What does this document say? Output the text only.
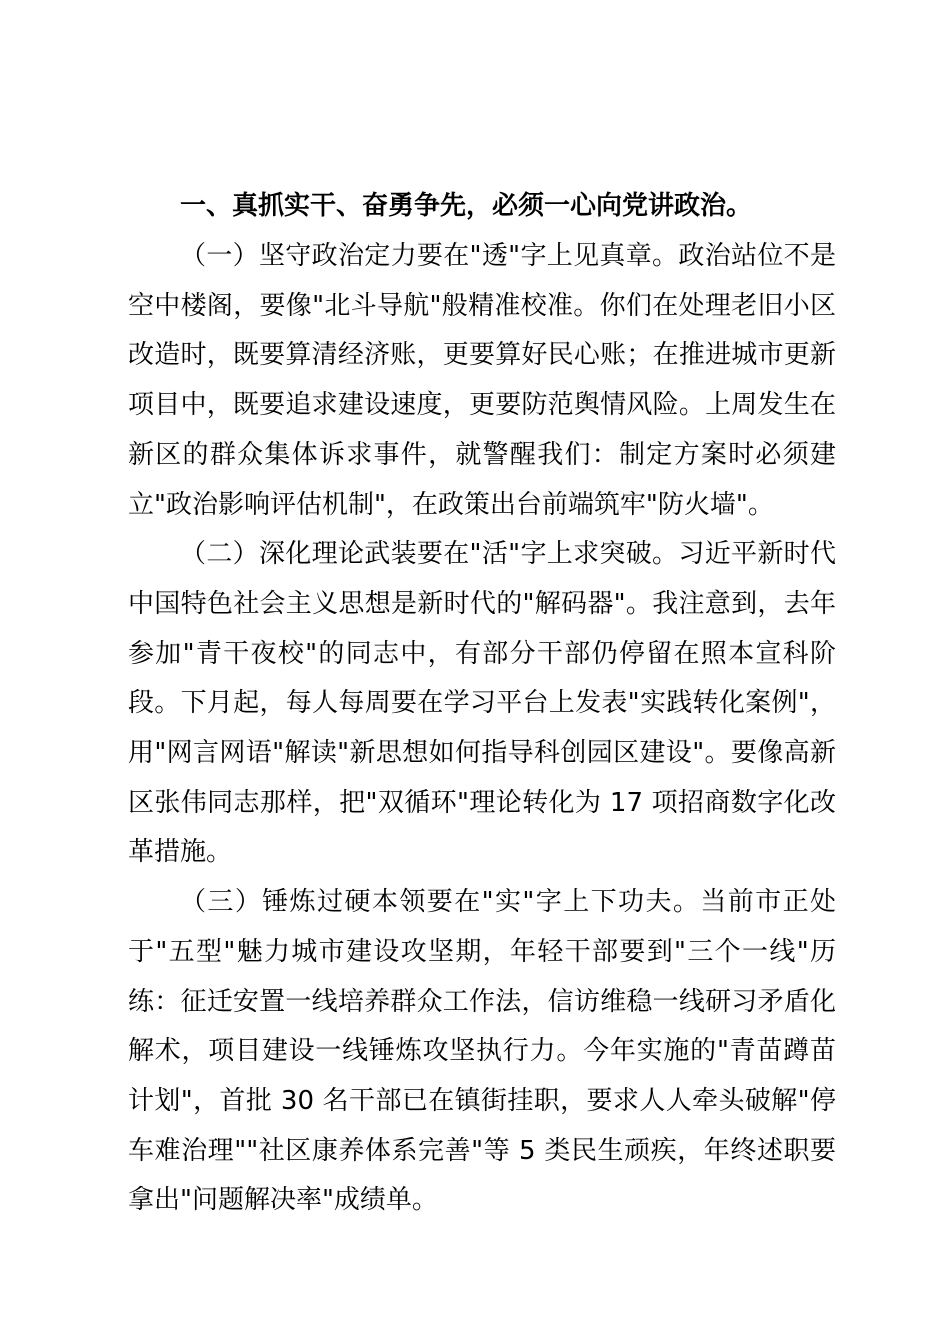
一、真抓实干、奋勇争先，必须一心向党讲政治。

（一）坚守政治定力要在"透"字上见真章。政治站位不是空中楼阁，要像"北斗导航"般精准校准。你们在处理老旧小区改造时，既要算清经济账，更要算好民心账；在推进城市更新项目中，既要追求建设速度，更要防范舆情风险。上周发生在新区的群众集体诉求事件，就警醒我们：制定方案时必须建立"政治影响评估机制"，在政策出台前端筑牢"防火墙"。

（二）深化理论武装要在"活"字上求突破。习近平新时代中国特色社会主义思想是新时代的"解码器"。我注意到，去年参加"青干夜校"的同志中，有部分干部仍停留在照本宣科阶段。下月起，每人每周要在学习平台上发表"实践转化案例"，用"网言网语"解读"新思想如何指导科创园区建设"。要像高新区张伟同志那样，把"双循环"理论转化为 17 项招商数字化改革措施。

（三）锤炼过硬本领要在"实"字上下功夫。当前市正处于"五型"魅力城市建设攻坚期，年轻干部要到"三个一线"历练：征迁安置一线培养群众工作法，信访维稳一线研习矛盾化解术，项目建设一线锤炼攻坚执行力。今年实施的"青苗蹲苗计划"，首批 30 名干部已在镇街挂职，要求人人牵头破解"停车难治理""社区康养体系完善"等 5 类民生顽疾，年终述职要拿出"问题解决率"成绩单。
